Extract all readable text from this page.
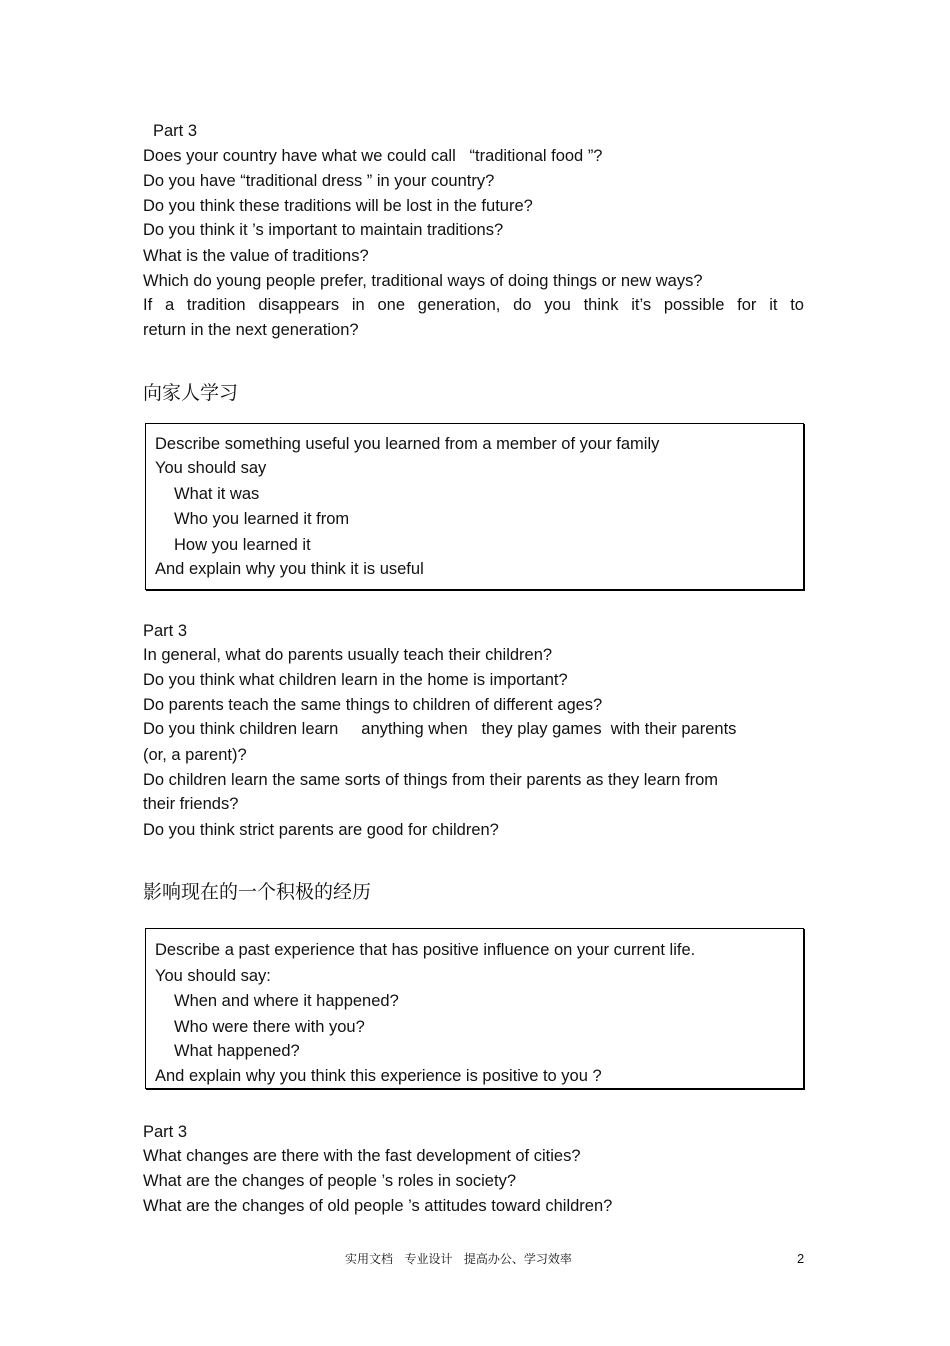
Part 3

Does your country have what we could call   “traditional food ”?

Do you have “traditional dress ” in your country?

Do you think these traditions will be lost in the future?

Do you think it ’s important to maintain traditions?

What is the value of traditions?

Which do young people prefer, traditional ways of doing things or new ways?

If a tradition disappears in one generation, do you think it’s possible for it to

return in the next generation?

向家人学习

Describe something useful you learned from a member of your family

You should say

What it was

Who you learned it from

How you learned it

And explain why you think it is useful

Part 3

In general, what do parents usually teach their children?

Do you think what children learn in the home is important?

Do parents teach the same things to children of different ages?

Do you think children learn     anything when   they play games  with their parents

(or, a parent)?

Do children learn the same sorts of things from their parents as they learn from

their friends?

Do you think strict parents are good for children?

影响现在的一个积极的经历

Describe a past experience that has positive influence on your current life.

You should say:

When and where it happened?

Who were there with you?

What happened?

And explain why you think this experience is positive to you ?

Part 3

What changes are there with the fast development of cities?

What are the changes of people ’s roles in society?

What are the changes of old people ’s attitudes toward children?

实用文档   专业设计   提高办公、学习效率	2
